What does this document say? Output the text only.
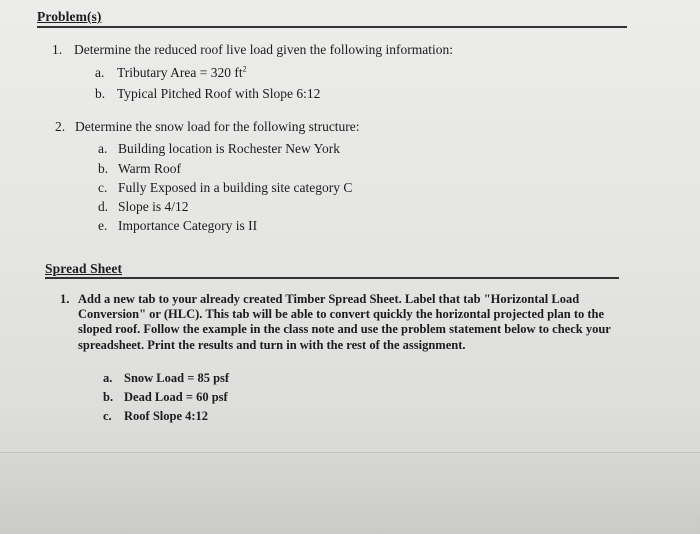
Problem(s)
1. Determine the reduced roof live load given the following information:
a. Tributary Area = 320 $ft^2$
b. Typical Pitched Roof with Slope 6:12
2. Determine the snow load for the following structure:
a. Building location is Rochester New York
b. Warm Roof
c. Fully Exposed in a building site category C
d. Slope is 4/12
e. Importance Category is II
Spread Sheet
1. Add a new tab to your already created Timber Spread Sheet. Label that tab "Horizontal Load Conversion" or (HLC). This tab will be able to convert quickly the horizontal projected plan to the sloped roof. Follow the example in the class note and use the problem statement below to check your spreadsheet. Print the results and turn in with the rest of the assignment.
a. Snow Load = 85 psf
b. Dead Load = 60 psf
c. Roof Slope 4:12
